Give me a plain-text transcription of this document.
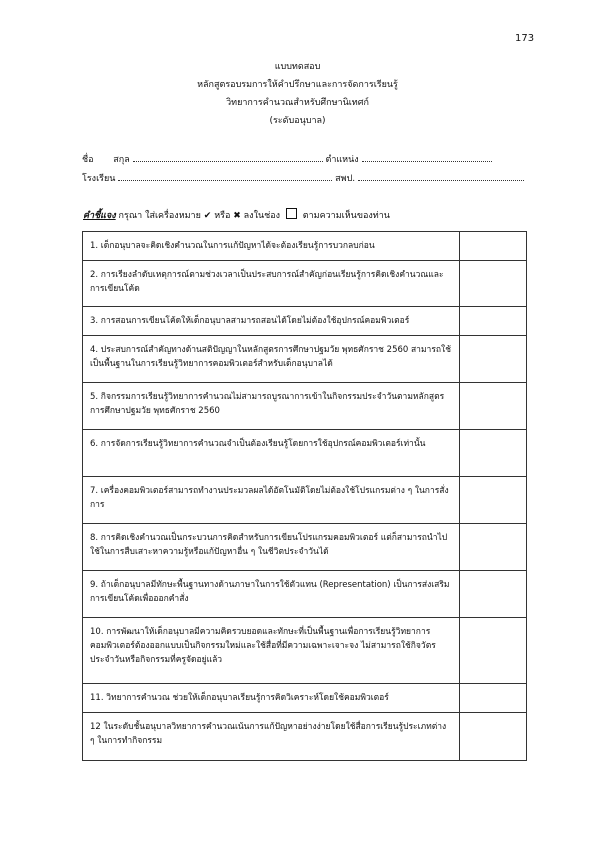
173
แบบทดสอบ
หลักสูตรอบรมการให้คำปรึกษาและการจัดการเรียนรู้
วิทยาการคำนวณสำหรับศึกษานิเทศก์
(ระดับอนุบาล)
ชื่อ สกุล	ตำแหน่ง
โรงเรียน	สพป.
คำชี้แจง กรุณา ใส่เครื่องหมาย ✔ หรือ ✖ ลงในช่อง	ตามความเห็นของท่าน
1. เด็กอนุบาลจะคิดเชิงคำนวณในการแก้ปัญหาได้จะต้องเรียนรู้การบวกลบก่อน	
2. การเรียงลำดับเหตุการณ์ตามช่วงเวลาเป็นประสบการณ์สำคัญก่อนเรียนรู้การคิดเชิงคำนวณและการเขียนโค้ด	
3. การสอนการเขียนโค้ดให้เด็กอนุบาลสามารถสอนได้โดยไม่ต้องใช้อุปกรณ์คอมพิวเตอร์	
4. ประสบการณ์สำคัญทางด้านสติปัญญาในหลักสูตรการศึกษาปฐมวัย พุทธศักราช 2560 สามารถใช้เป็นพื้นฐานในการเรียนรู้วิทยาการคอมพิวเตอร์สำหรับเด็กอนุบาลได้	
5. กิจกรรมการเรียนรู้วิทยาการคำนวณไม่สามารถบูรณาการเข้าในกิจกรรมประจำวันตามหลักสูตรการศึกษาปฐมวัย พุทธศักราช 2560	
6. การจัดการเรียนรู้วิทยาการคำนวณจำเป็นต้องเรียนรู้โดยการใช้อุปกรณ์คอมพิวเตอร์เท่านั้น	
7. เครื่องคอมพิวเตอร์สามารถทำงานประมวลผลได้อัตโนมัติโดยไม่ต้องใช้โปรแกรมต่าง ๆ ในการสั่งการ	
8. การคิดเชิงคำนวณเป็นกระบวนการคิดสำหรับการเขียนโปรแกรมคอมพิวเตอร์ แต่ก็สามารถนำไปใช้ในการสืบเสาะหาความรู้หรือแก้ปัญหาอื่น ๆ ในชีวิตประจำวันได้	
9. ถ้าเด็กอนุบาลมีทักษะพื้นฐานทางด้านภาษาในการใช้ตัวแทน (Representation) เป็นการส่งเสริมการเขียนโค้ดเพื่อออกคำสั่ง	
10. การพัฒนาให้เด็กอนุบาลมีความคิดรวบยอดและทักษะที่เป็นพื้นฐานเพื่อการเรียนรู้วิทยาการคอมพิวเตอร์ต้องออกแบบเป็นกิจกรรมใหม่และใช้สื่อที่มีความเฉพาะเจาะจง ไม่สามารถใช้กิจวัตรประจำวันหรือกิจกรรมที่ครูจัดอยู่แล้ว	
11. วิทยาการคำนวณ ช่วยให้เด็กอนุบาลเรียนรู้การคิดวิเคราะห์โดยใช้คอมพิวเตอร์	
12 ในระดับชั้นอนุบาลวิทยาการคำนวณเน้นการแก้ปัญหาอย่างง่ายโดยใช้สื่อการเรียนรู้ประเภทต่าง ๆ ในการทำกิจกรรม	
